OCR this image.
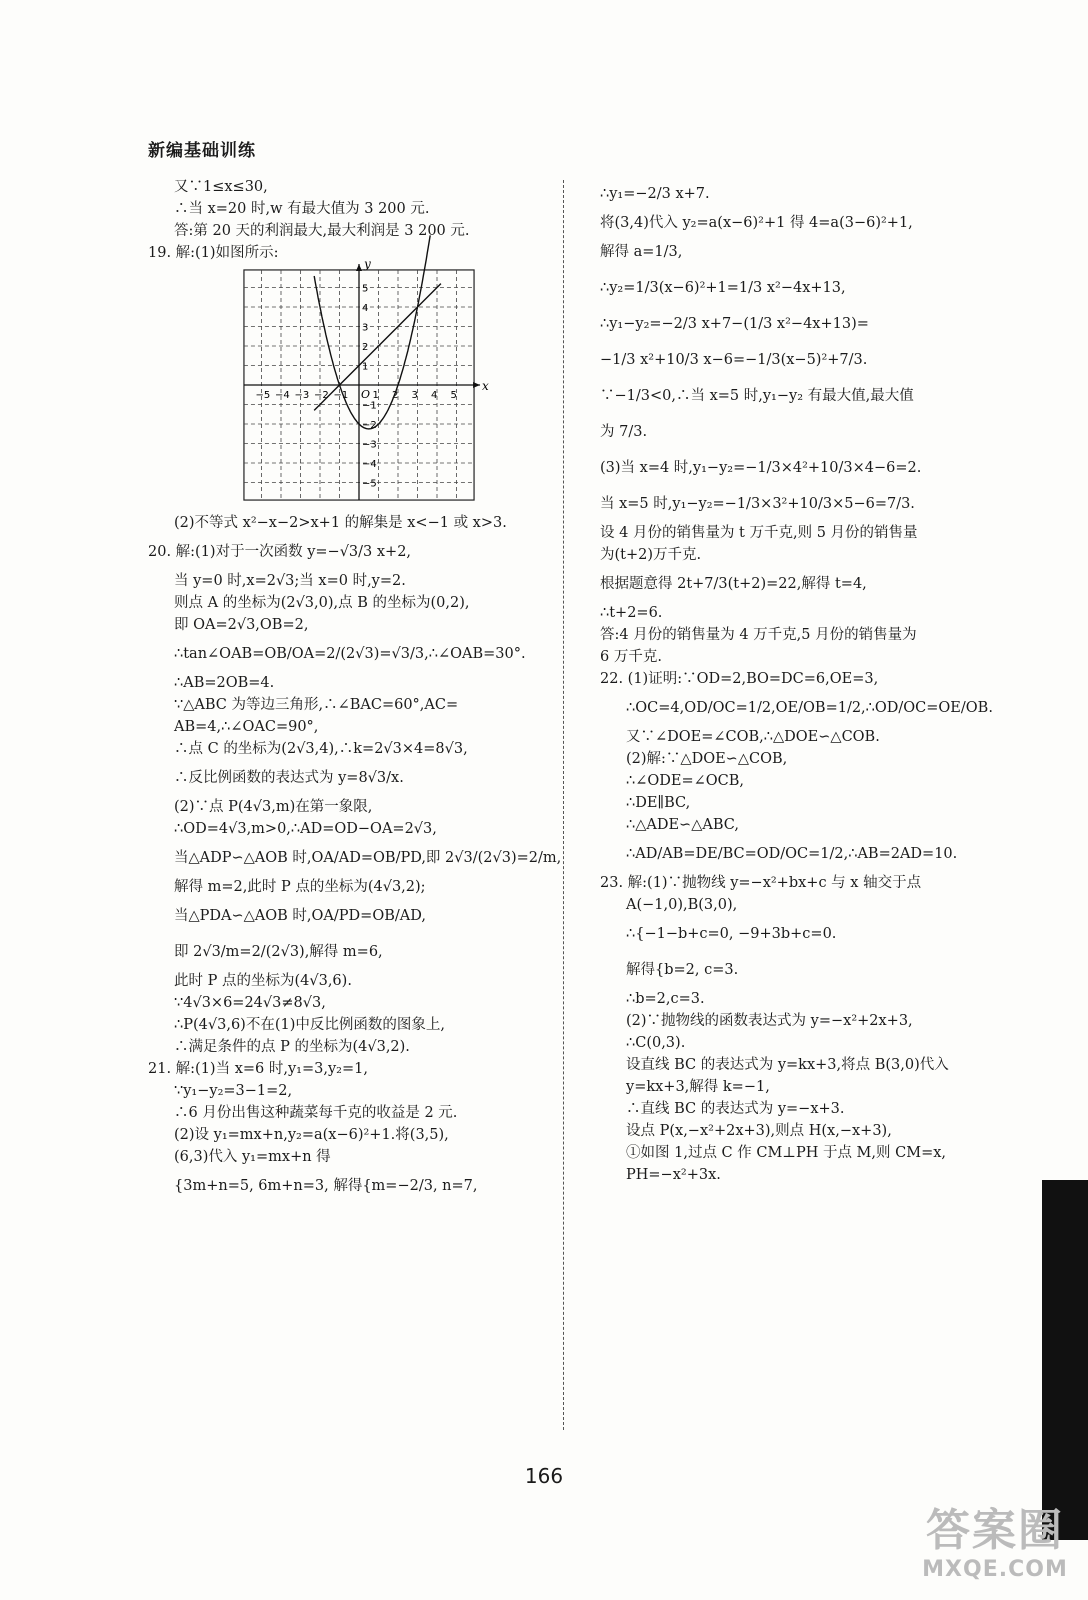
新编基础训练
又∵1≤x≤30,
∴当 x=20 时,w 有最大值为 3 200 元.
答:第 20 天的利润最大,最大利润是 3 200 元.
19. 解:(1)如图所示:
x
y
O
−5 −4 −3 −2 −1 1 2 3 4 5
5
4
3
2
1
−1
−2
−3
−4
−5
(2)不等式 x²−x−2>x+1 的解集是 x<−1 或 x>3.
20. 解:(1)对于一次函数 y=−√3/3 x+2,
当 y=0 时,x=2√3;当 x=0 时,y=2.
则点 A 的坐标为(2√3,0),点 B 的坐标为(0,2),
即 OA=2√3,OB=2,
∴tan∠OAB=OB/OA=2/(2√3)=√3/3,∴∠OAB=30°.
∴AB=2OB=4.
∵△ABC 为等边三角形,∴∠BAC=60°,AC=
AB=4,∴∠OAC=90°,
∴点 C 的坐标为(2√3,4),∴k=2√3×4=8√3,
∴反比例函数的表达式为 y=8√3/x.
(2)∵点 P(4√3,m)在第一象限,
∴OD=4√3,m>0,∴AD=OD−OA=2√3,
当△ADP∽△AOB 时,OA/AD=OB/PD,即 2√3/(2√3)=2/m,
解得 m=2,此时 P 点的坐标为(4√3,2);
当△PDA∽△AOB 时,OA/PD=OB/AD,
即 2√3/m=2/(2√3),解得 m=6,
此时 P 点的坐标为(4√3,6).
∵4√3×6=24√3≠8√3,
∴P(4√3,6)不在(1)中反比例函数的图象上,
∴满足条件的点 P 的坐标为(4√3,2).
21. 解:(1)当 x=6 时,y₁=3,y₂=1,
∵y₁−y₂=3−1=2,
∴6 月份出售这种蔬菜每千克的收益是 2 元.
(2)设 y₁=mx+n,y₂=a(x−6)²+1.将(3,5),
(6,3)代入 y₁=mx+n 得
{3m+n=5, 6m+n=3, 解得{m=−2/3, n=7,
∴y₁=−2/3 x+7.
将(3,4)代入 y₂=a(x−6)²+1 得 4=a(3−6)²+1,
解得 a=1/3,
∴y₂=1/3(x−6)²+1=1/3 x²−4x+13,
∴y₁−y₂=−2/3 x+7−(1/3 x²−4x+13)=
−1/3 x²+10/3 x−6=−1/3(x−5)²+7/3.
∵−1/3<0,∴当 x=5 时,y₁−y₂ 有最大值,最大值
为 7/3.
(3)当 x=4 时,y₁−y₂=−1/3×4²+10/3×4−6=2.
当 x=5 时,y₁−y₂=−1/3×3²+10/3×5−6=7/3.
设 4 月份的销售量为 t 万千克,则 5 月份的销售量
为(t+2)万千克.
根据题意得 2t+7/3(t+2)=22,解得 t=4,
∴t+2=6.
答:4 月份的销售量为 4 万千克,5 月份的销售量为
6 万千克.
22. (1)证明:∵OD=2,BO=DC=6,OE=3,
∴OC=4,OD/OC=1/2,OE/OB=1/2,∴OD/OC=OE/OB.
又∵∠DOE=∠COB,∴△DOE∽△COB.
(2)解:∵△DOE∽△COB,
∴∠ODE=∠OCB,
∴DE∥BC,
∴△ADE∽△ABC,
∴AD/AB=DE/BC=OD/OC=1/2,∴AB=2AD=10.
23. 解:(1)∵抛物线 y=−x²+bx+c 与 x 轴交于点
A(−1,0),B(3,0),
∴{−1−b+c=0, −9+3b+c=0.
解得{b=2, c=3.
∴b=2,c=3.
(2)∵抛物线的函数表达式为 y=−x²+2x+3,
∴C(0,3).
设直线 BC 的表达式为 y=kx+3,将点 B(3,0)代入
y=kx+3,解得 k=−1,
∴直线 BC 的表达式为 y=−x+3.
设点 P(x,−x²+2x+3),则点 H(x,−x+3),
①如图 1,过点 C 作 CM⊥PH 于点 M,则 CM=x,
PH=−x²+3x.
166
答案圈
MXQE.COM
